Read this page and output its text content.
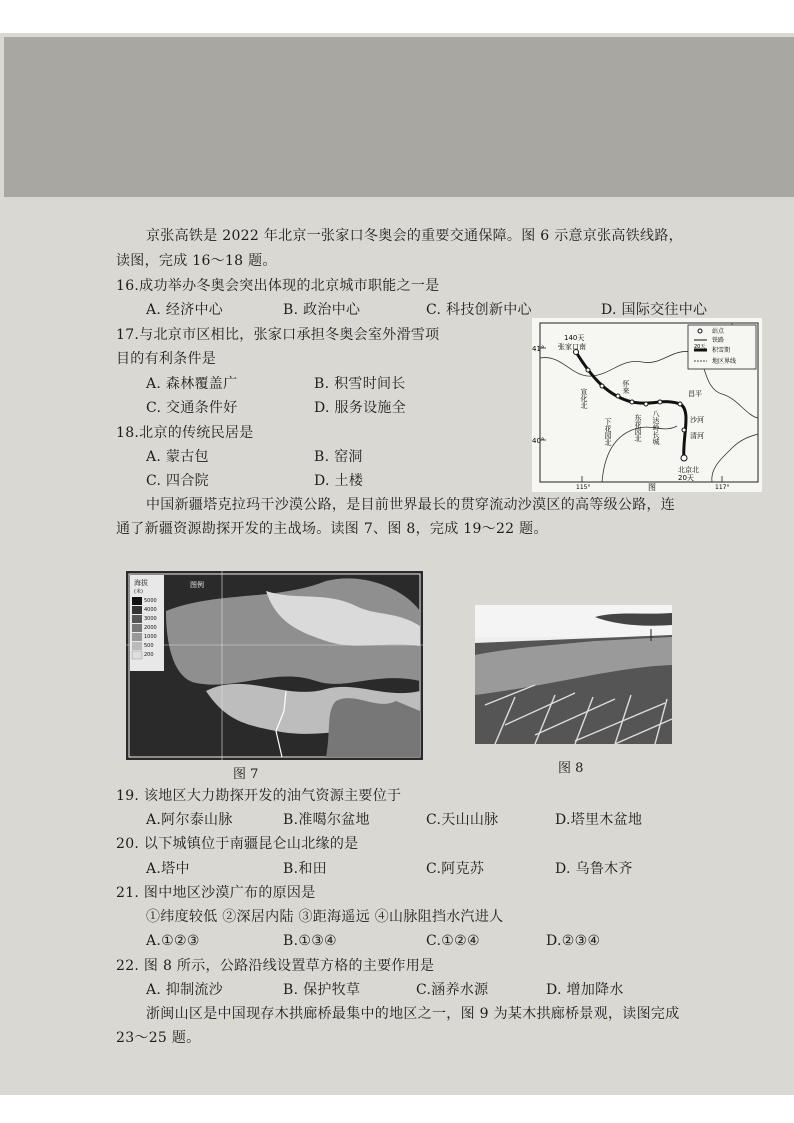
京张高铁是 2022 年北京一张家口冬奥会的重要交通保障。图 6 示意京张高铁线路，
读图，完成 16～18 题。
16.成功举办冬奥会突出体现的北京城市职能之一是
A. 经济中心	B. 政治中心	C. 科技创新中心	D. 国际交往中心
17.与北京市区相比，张家口承担冬奥会室外滑雪项
目的有利条件是
A. 森林覆盖广	B. 积雪时间长
C. 交通条件好	D. 服务设施全
18.北京的传统民居是
A. 蒙古包	B. 窑洞
C. 四合院	D. 土楼
41°
40°
115°	117°
140天
张家口南
北京北
20天
宣化北
下花园北
怀来
东花园北 八达岭长城
昌平
沙河
清河
站点
铁路
20天 积雪期
地区界线
图
中国新疆塔克拉玛干沙漠公路，是目前世界最长的贯穿流动沙漠区的高等级公路，连
通了新疆资源勘探开发的主战场。读图 7、图 8，完成 19～22 题。
海拔
(米)
5000
4000
3000
2000
1000
500
200
图例
图 7	图 8
19. 该地区大力勘探开发的油气资源主要位于
A.阿尔泰山脉	B.准噶尔盆地	C.天山山脉	D.塔里木盆地
20. 以下城镇位于南疆昆仑山北缘的是
A.塔中	B.和田	C.阿克苏	D. 乌鲁木齐
21. 图中地区沙漠广布的原因是
①纬度较低 ②深居内陆 ③距海遥远 ④山脉阻挡水汽进人
A.①②③	B.①③④	C.①②④	D.②③④
22. 图 8 所示，公路沿线设置草方格的主要作用是
A. 抑制流沙	B. 保护牧草	C.涵养水源	D. 增加降水
浙闽山区是中国现存木拱廊桥最集中的地区之一，图 9 为某木拱廊桥景观，读图完成
23～25 题。
